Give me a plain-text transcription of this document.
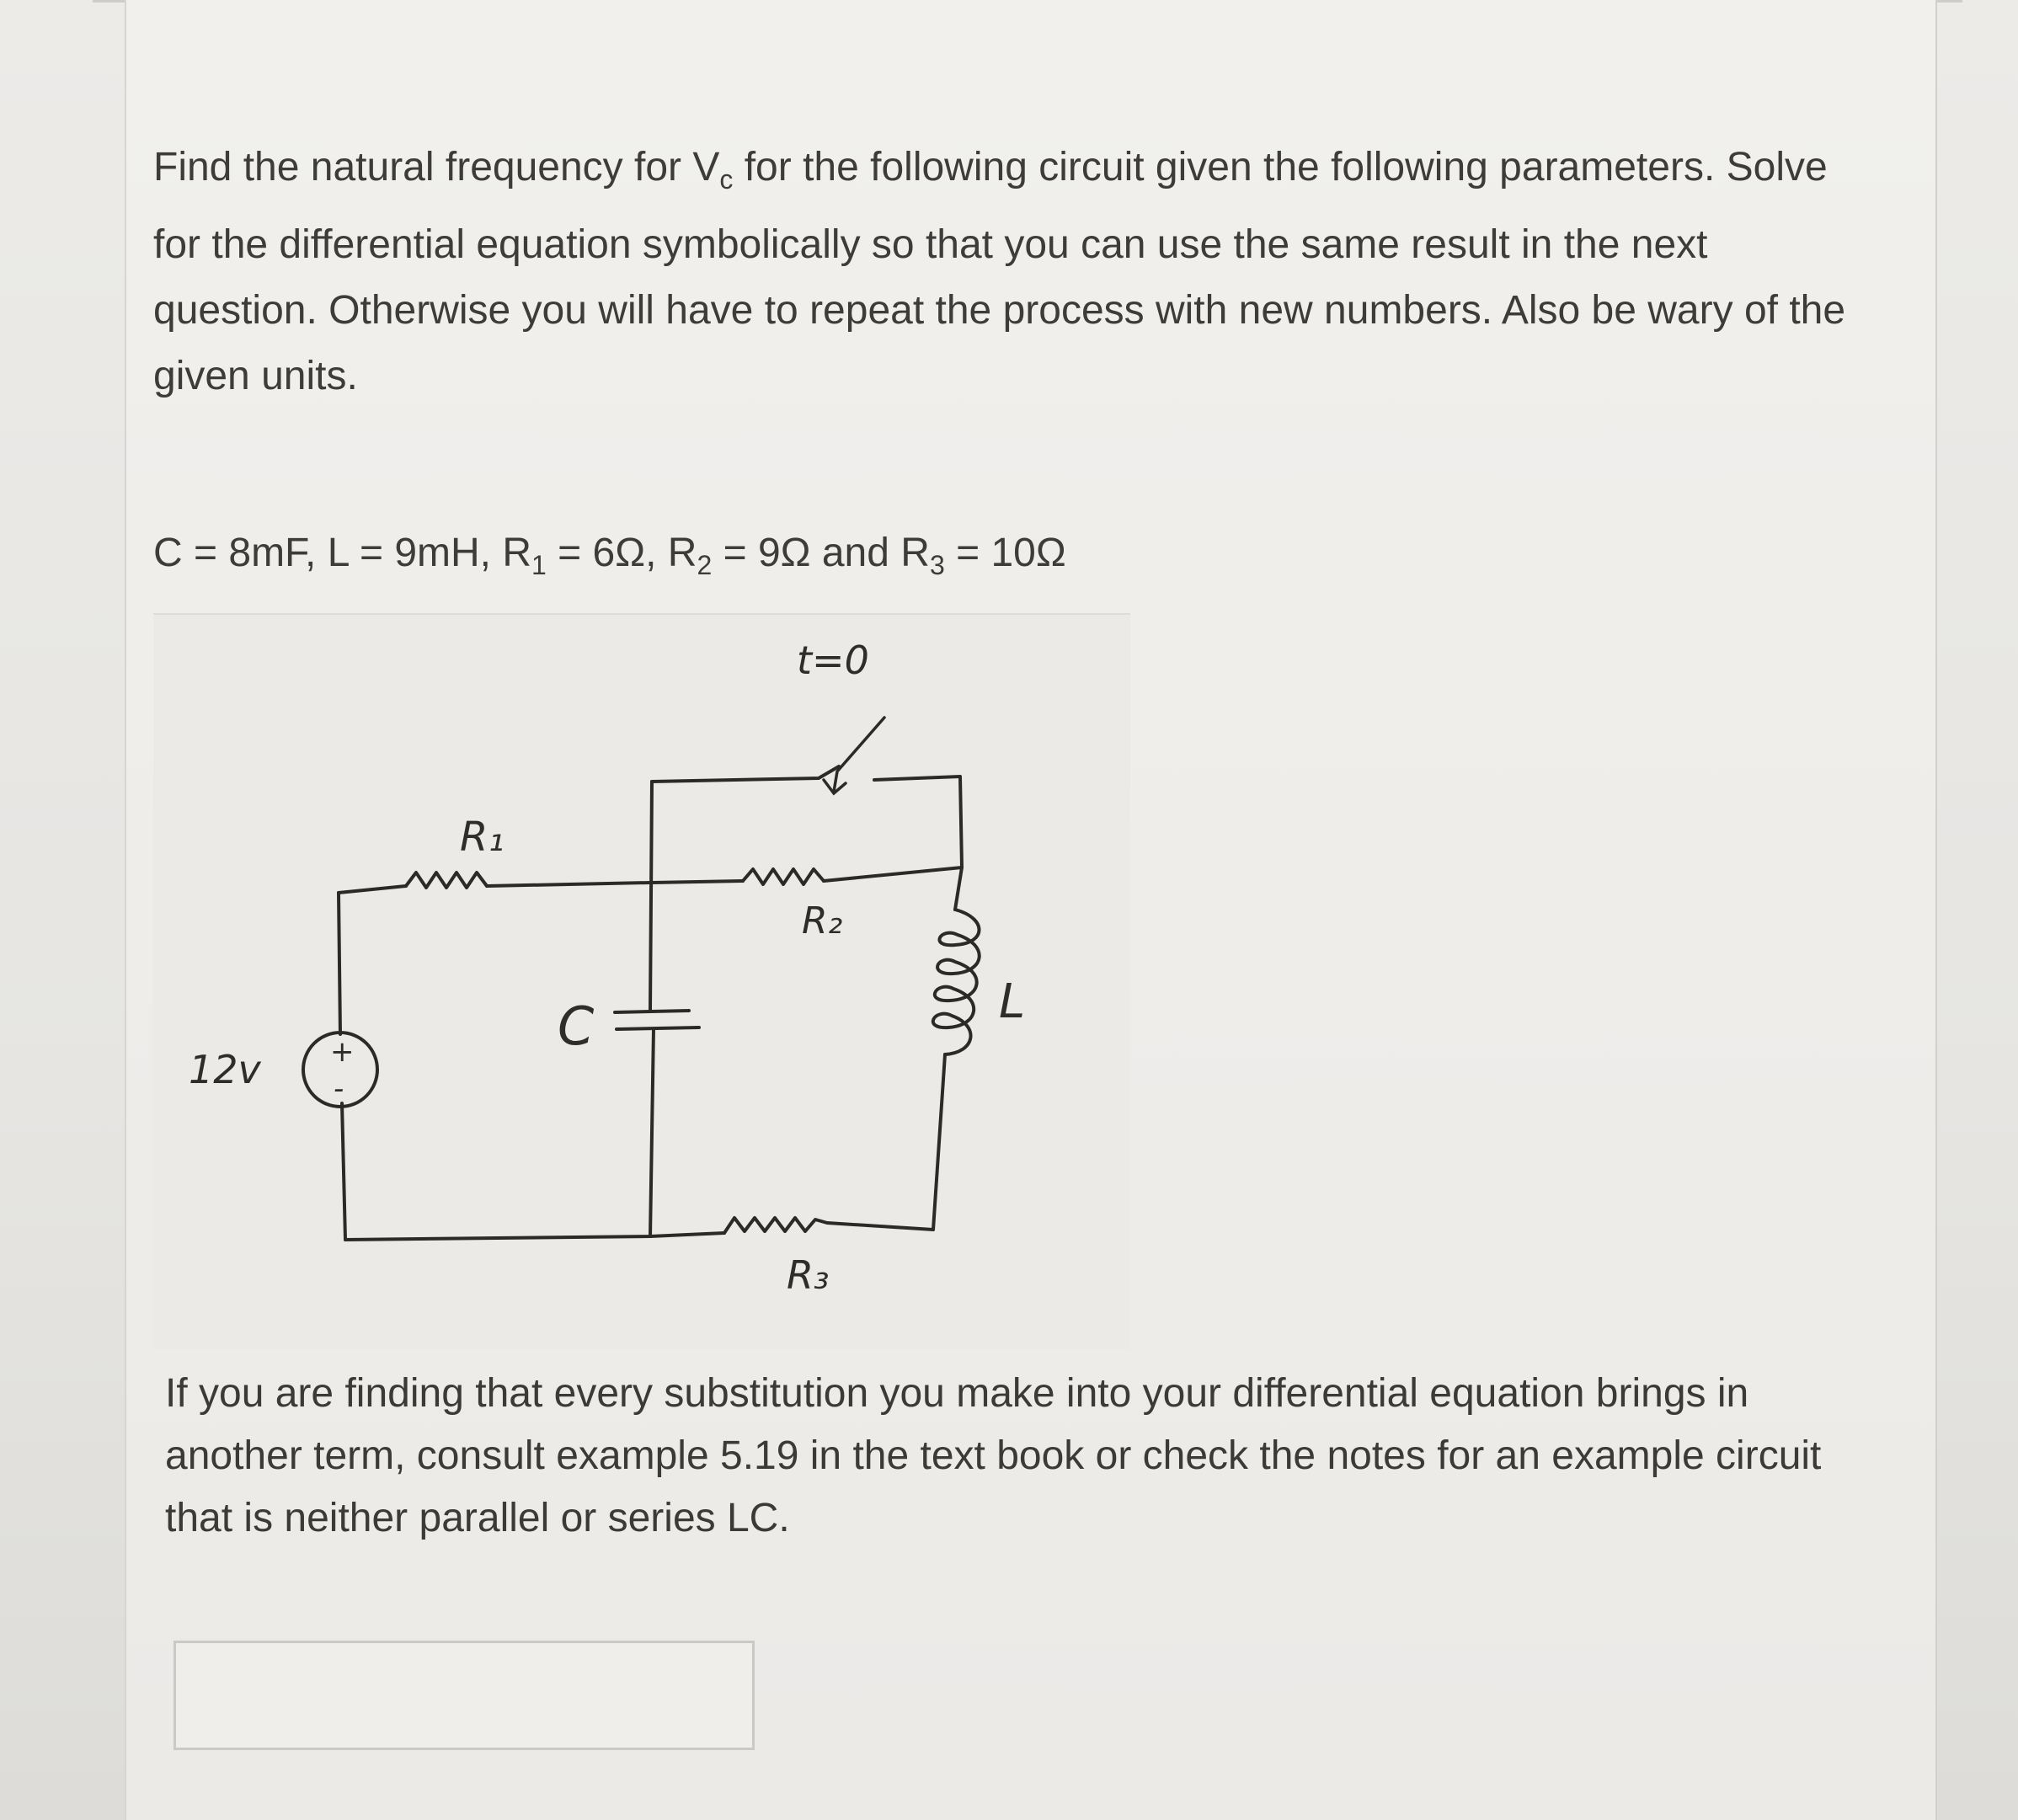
Find the natural frequency for $V_c$ for the following circuit given the following parameters. Solve for the differential equation symbolically so that you can use the same result in the next question. Otherwise you will have to repeat the process with new numbers. Also be wary of the given units.

C = 8mF, L = 9mH, $R_1 = 6\Omega$, $R_2 = 9\Omega$ and $R_3 = 10\Omega$
t=0
R₁
R₂
R₃
C	L
12v +
-

If you are finding that every substitution you make into your differential equation brings in another term, consult example 5.19 in the text book or check the notes for an example circuit that is neither parallel or series LC.
